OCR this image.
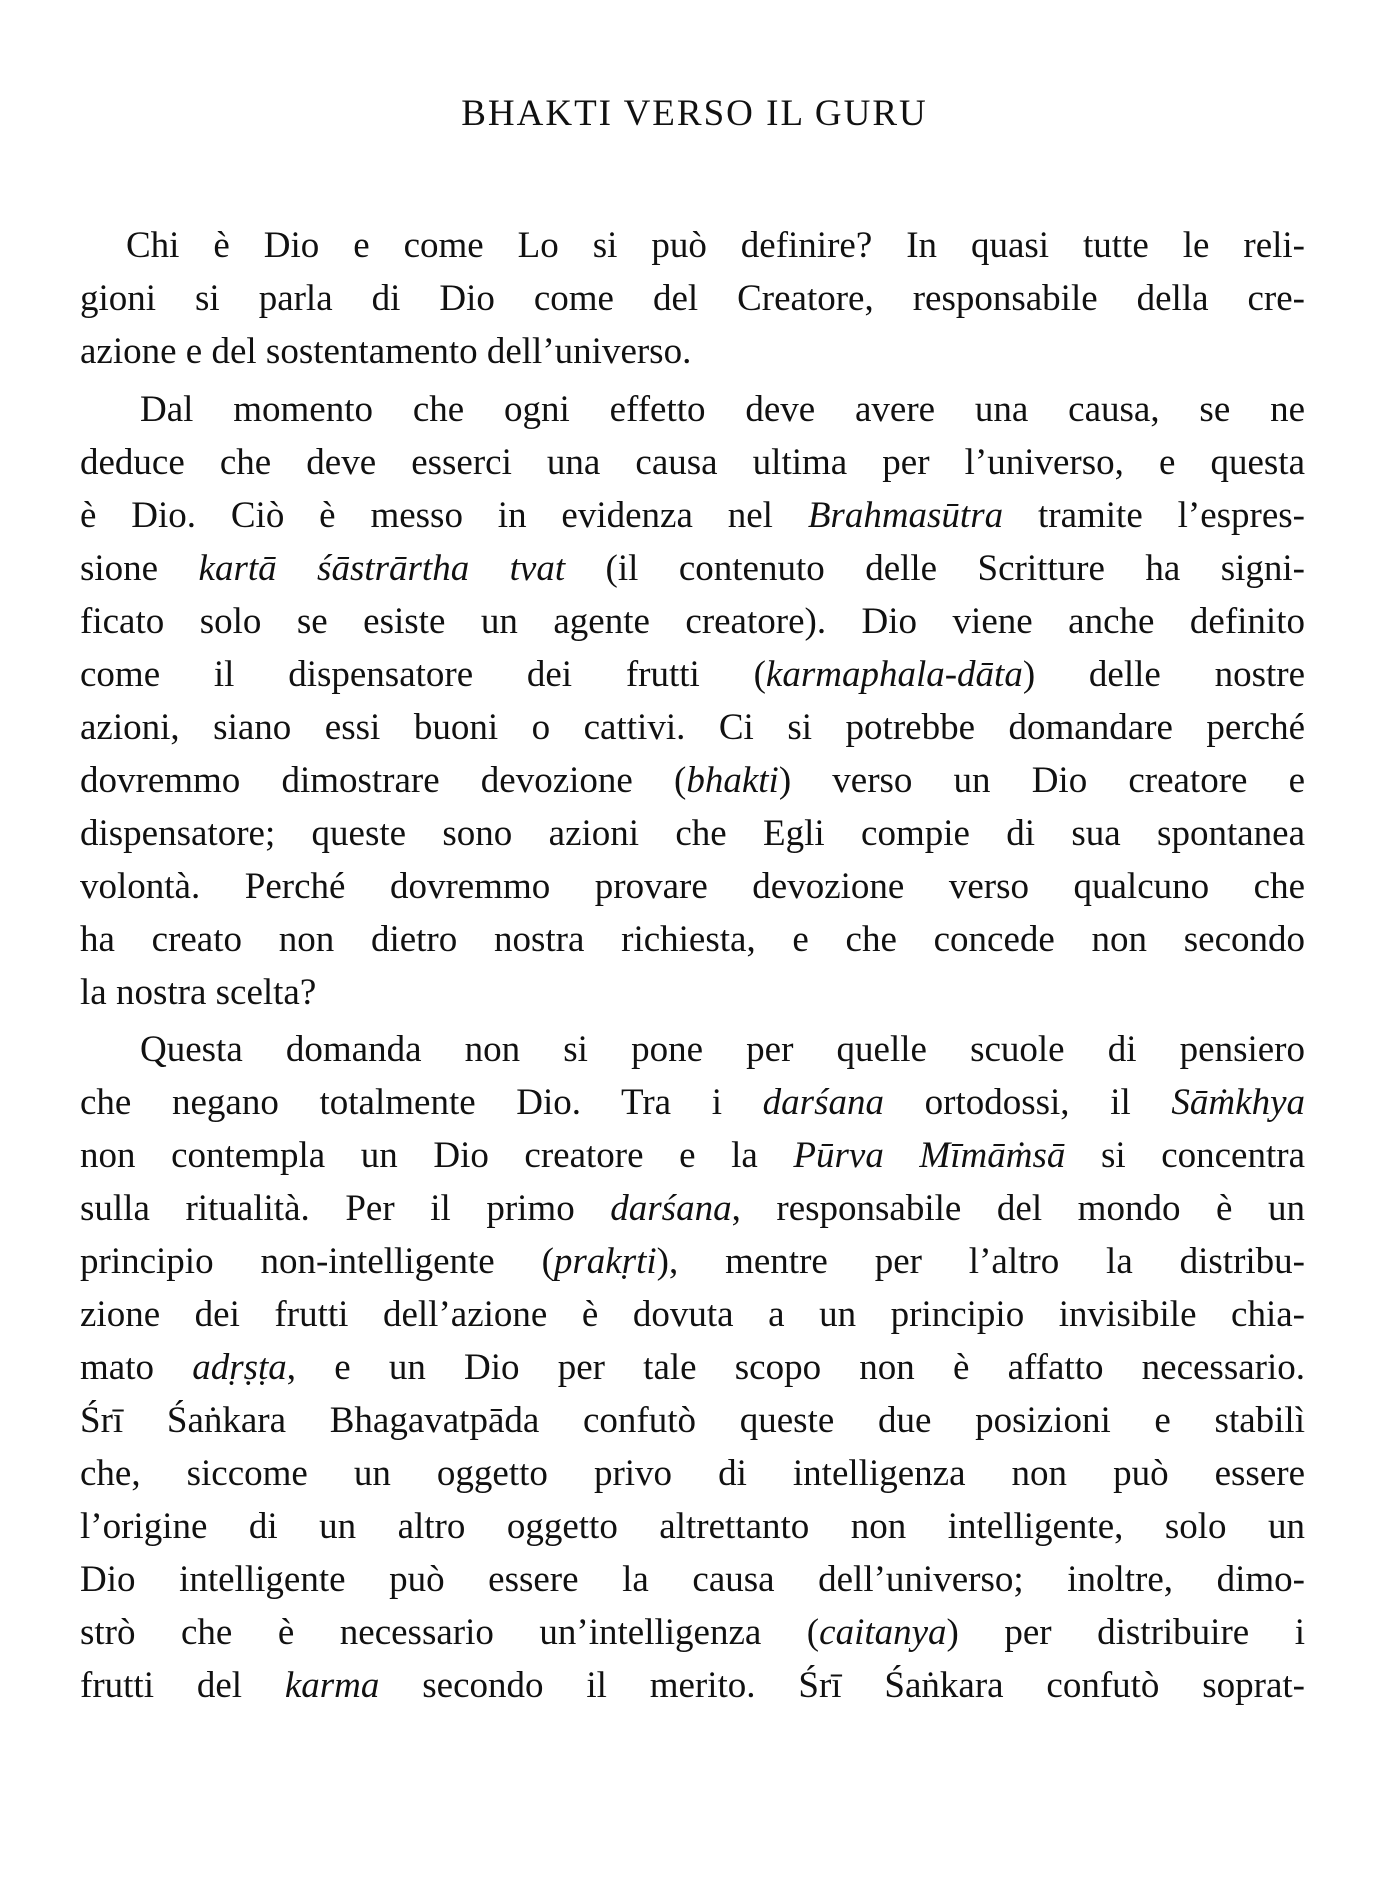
BHAKTI VERSO IL GURU
Chi è Dio e come Lo si può definire? In quasi tutte le reli-
gioni si parla di Dio come del Creatore, responsabile della cre-
azione e del sostentamento dell’universo.
Dal momento che ogni effetto deve avere una causa, se ne
deduce che deve esserci una causa ultima per l’universo, e questa
è Dio. Ciò è messo in evidenza nel Brahmasūtra tramite l’espres-
sione kartā śāstrārtha tvat (il contenuto delle Scritture ha signi-
ficato solo se esiste un agente creatore). Dio viene anche definito
come il dispensatore dei frutti (karmaphala-dāta) delle nostre
azioni, siano essi buoni o cattivi. Ci si potrebbe domandare perché
dovremmo dimostrare devozione (bhakti) verso un Dio creatore e
dispensatore; queste sono azioni che Egli compie di sua spontanea
volontà. Perché dovremmo provare devozione verso qualcuno che
ha creato non dietro nostra richiesta, e che concede non secondo
la nostra scelta?
Questa domanda non si pone per quelle scuole di pensiero
che negano totalmente Dio. Tra i darśana ortodossi, il Sāṁkhya
non contempla un Dio creatore e la Pūrva Mīmāṁsā si concentra
sulla ritualità. Per il primo darśana, responsabile del mondo è un
principio non-intelligente (prakṛti), mentre per l’altro la distribu-
zione dei frutti dell’azione è dovuta a un principio invisibile chia-
mato adṛṣṭa, e un Dio per tale scopo non è affatto necessario.
Śrī Śaṅkara Bhagavatpāda confutò queste due posizioni e stabilì
che, siccome un oggetto privo di intelligenza non può essere
l’origine di un altro oggetto altrettanto non intelligente, solo un
Dio intelligente può essere la causa dell’universo; inoltre, dimo-
strò che è necessario un’intelligenza (caitanya) per distribuire i
frutti del karma secondo il merito. Śrī Śaṅkara confutò soprat-
